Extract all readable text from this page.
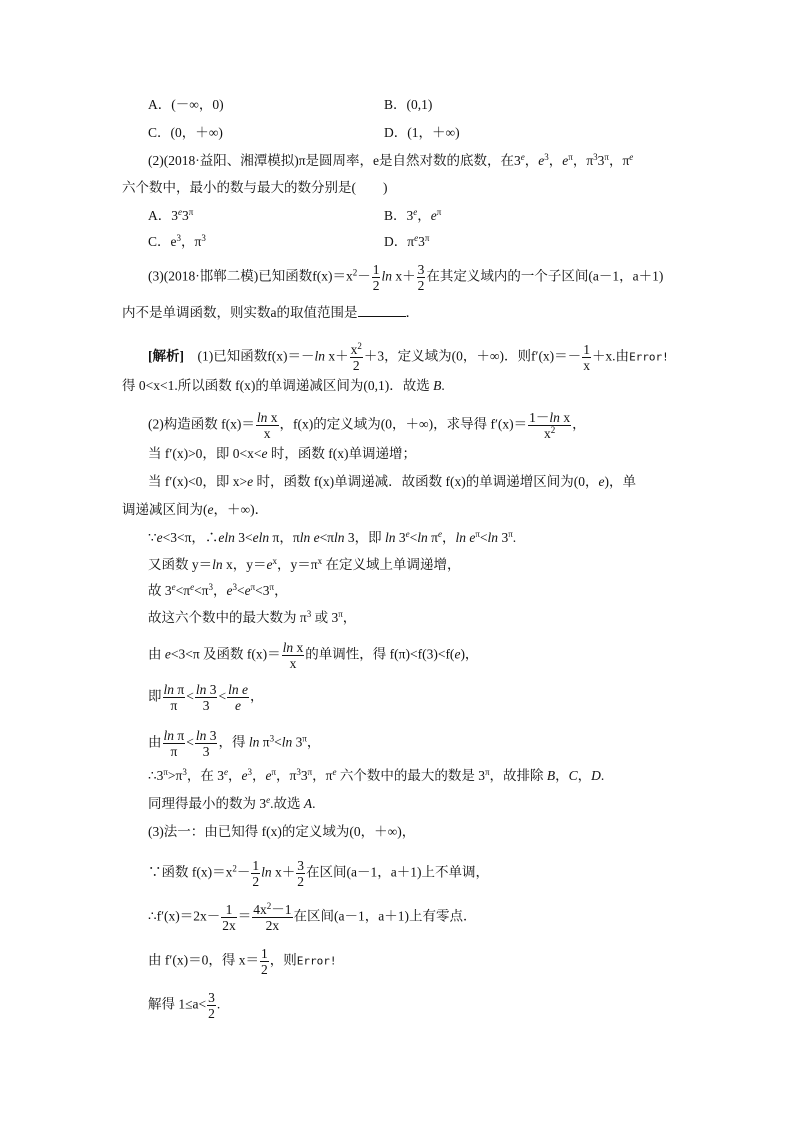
A．(－∞，0)	B．(0,1)
C．(0，＋∞)	D．(1，＋∞)
(2)(2018·益阳、湘潭模拟)π是圆周率，e是自然对数的底数，在3e，$e^3$，$e^\pi$，$\pi^33^\pi$，$\pi^e$
六个数中，最小的数与最大的数分别是(　　)
A．$3e3^\pi$	B．3e，$e^\pi$
C．$e^3$，$\pi^3$	D．$\pi^e3^\pi$
(3)(2018·邯郸二模)已知函数$f(x)=x^2- \frac{1}{2}$ $\ln x+ \frac{3}{2}$ 在其定义域内的一个子区间(a－1，a＋1)
内不是单调函数，则实数a的取值范围是	．
[解析]　(1)已知函数f(x)＝－ln $x+ \frac{x^2}{2} +3$，定义域为(0，＋∞)．则$f'(x)=- \frac{1}{x} +x$.由Error!
得 0<x<1.所以函数 f(x)的单调递减区间为(0,1)．故选 B.
(2)构造函数 $f(x)= \frac{\text{ln x}}{x}$ ，f(x)的定义域为(0，＋∞)，求导得 $f'(x)= \frac{\text{1－ln x}}{x^2}$ ，
当 f′(x)>0，即 0<x<e 时，函数 f(x)单调递增；
当 f′(x)<0，即 x>e 时，函数 f(x)单调递减．故函数 f(x)的单调递增区间为(0，e)，单
调递减区间为(e，＋∞)．
∵e<3<π，∴eln 3<eln π，πln e<πln 3，即 $\ln 3^e<\ln$ $\pi^e$，$\ln e^\pi<\ln$ $3^\pi$.
又函数 y＝ln x，$y=e^x$，$y=\pi^x$ 在定义域上单调递增，
故 $3^e<\pi^e<\pi^3$，$e^3<e^\pi<3^\pi$，
故这六个数中的最大数为 $\pi^3$ 或 $3^\pi$，
由 e<3<π 及函数 $f(x)= \frac{\text{ln x}}{x}$ 的单调性，得 f(π)<f(3)<f(e)，
即 $\frac{\text{ln π}}{\pi} < \frac{\ln 3}{3} < \frac{\text{ln e}}{e}$ ，
由 $\frac{\text{ln π}}{\pi} < \frac{\ln 3}{3}$ ，得 $\ln \pi^3<\ln$ $3^\pi$，
$\therefore 3^\pi>\pi^3$，在 3e，$e^3$，$e^\pi$，$\pi^33^\pi$，$\pi^e$ 六个数中的最大的数是 $3^\pi$，故排除 B，C，D.
同理得最小的数为 3e.故选 A.
(3)法一：由已知得 f(x)的定义域为(0，＋∞)，
∵函数 $f(x)=x^2- \frac{1}{2}$ $\ln x+ \frac{3}{2}$ 在区间(a－1，a＋1)上不单调，
∴f′(x)＝2x－ $\frac{1}{2x} = \frac{4x^2-1}{2x}$ 在区间(a－1，a＋1)上有零点．
由 f′(x)＝0，得 $x= \frac{1}{2}$ ，则Error!
解得 $1\le a< \frac{3}{2}$ .
